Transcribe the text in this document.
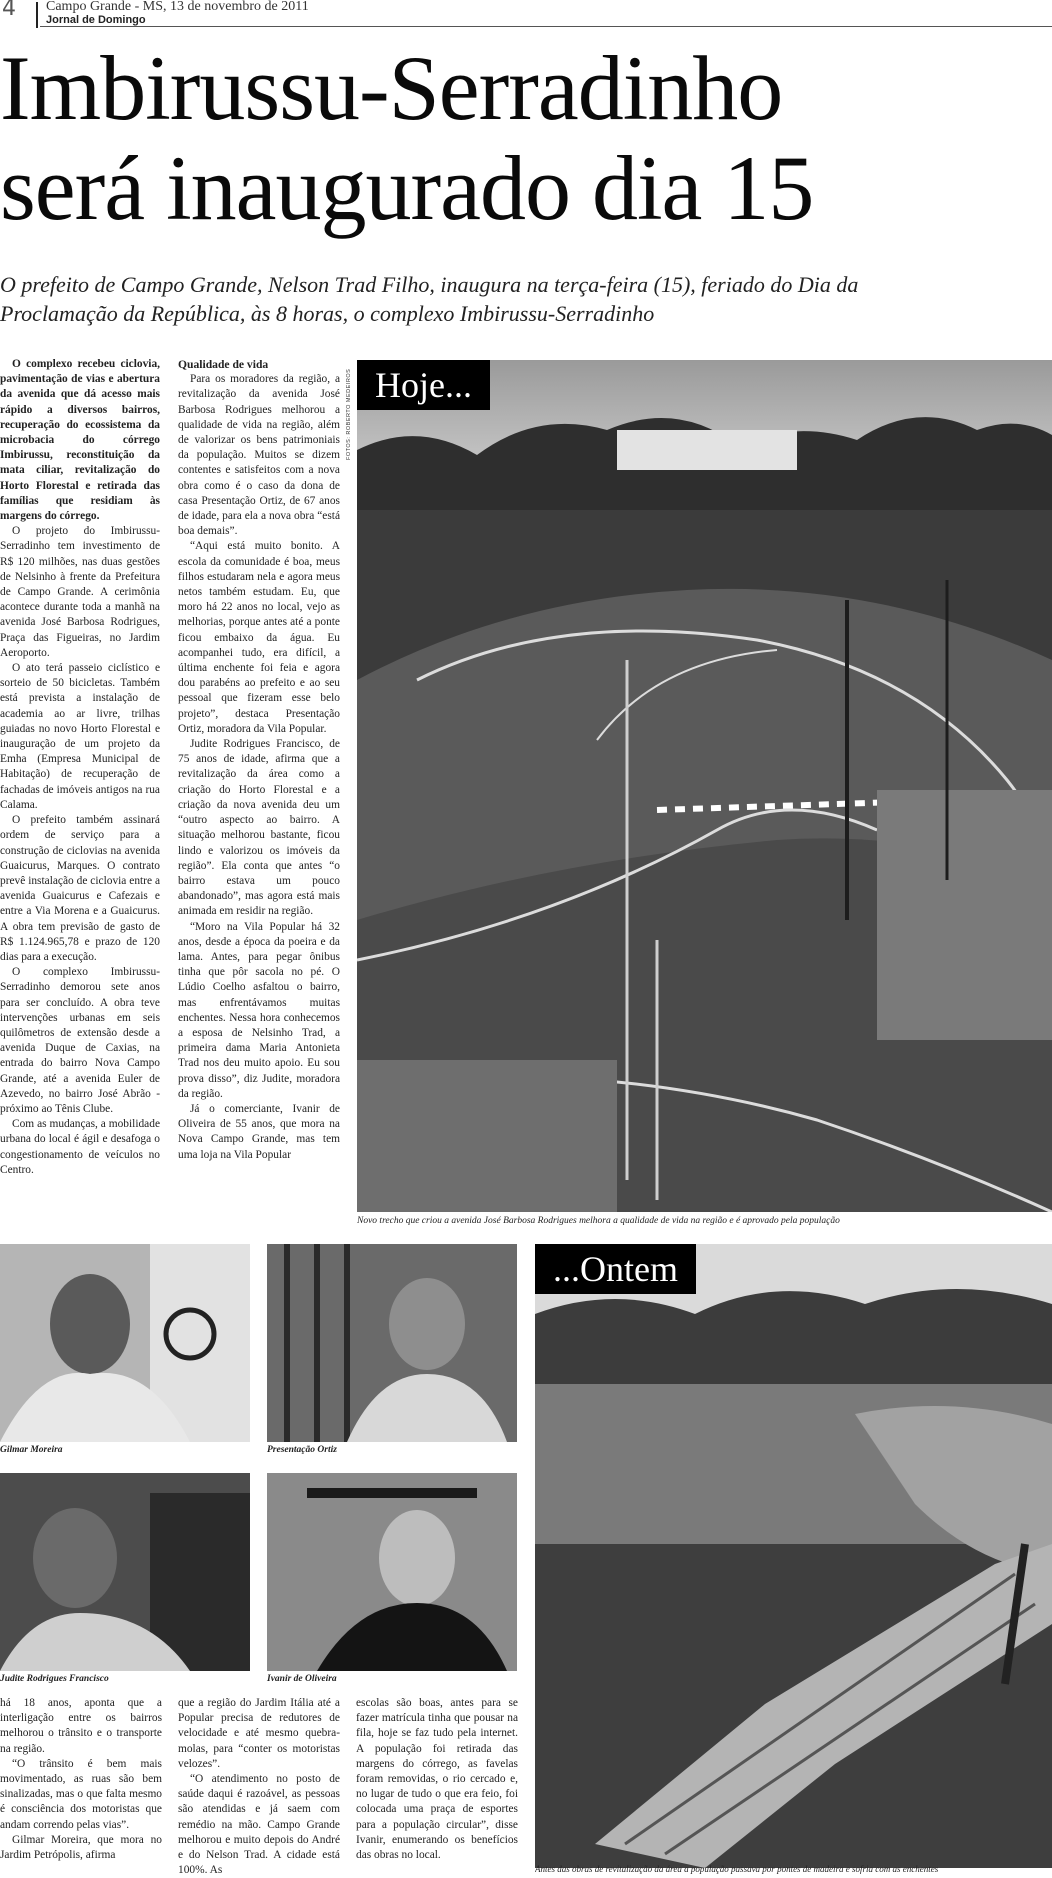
4 Campo Grande - MS, 13 de novembro de 2011
Jornal de Domingo
Imbirussu-Serradinho
será inaugurado dia 15
O prefeito de Campo Grande, Nelson Trad Filho, inaugura na terça-feira (15), feriado do Dia da Proclamação da República, às 8 horas, o complexo Imbirussu-Serradinho

O complexo recebeu ciclovia, pavimentação de vias e abertura da avenida que dá acesso mais rápido a diversos bairros, recuperação do ecossistema da microbacia do córrego Imbirussu, reconstituição da mata ciliar, revitalização do Horto Florestal e retirada das famílias que residiam às margens do córrego.

O projeto do Imbirussu-Serradinho tem investimento de R$ 120 milhões, nas duas gestões de Nelsinho à frente da Prefeitura de Campo Grande. A cerimônia acontece durante toda a manhã na avenida José Barbosa Rodrigues, Praça das Figueiras, no Jardim Aeroporto.

O ato terá passeio ciclístico e sorteio de 50 bicicletas. Também está prevista a instalação de academia ao ar livre, trilhas guiadas no novo Horto Florestal e inauguração de um projeto da Emha (Empresa Municipal de Habitação) de recuperação de fachadas de imóveis antigos na rua Calama.

O prefeito também assinará ordem de serviço para a construção de ciclovias na avenida Guaicurus, Marques. O contrato prevê instalação de ciclovia entre a avenida Guaicurus e Cafezais e entre a Via Morena e a Guaicurus. A obra tem previsão de gasto de R$ 1.124.965,78 e prazo de 120 dias para a execução.

O complexo Imbirussu-Serradinho demorou sete anos para ser concluído. A obra teve intervenções urbanas em seis quilômetros de extensão desde a avenida Duque de Caxias, na entrada do bairro Nova Campo Grande, até a avenida Euler de Azevedo, no bairro José Abrão - próximo ao Tênis Clube.

Com as mudanças, a mobilidade urbana do local é ágil e desafoga o congestionamento de veículos no Centro.

Qualidade de vida

Para os moradores da região, a revitalização da avenida José Barbosa Rodrigues melhorou a qualidade de vida na região, além de valorizar os bens patrimoniais da população. Muitos se dizem contentes e satisfeitos com a nova obra como é o caso da dona de casa Presentação Ortiz, de 67 anos de idade, para ela a nova obra “está boa demais”.

“Aqui está muito bonito. A escola da comunidade é boa, meus filhos estudaram nela e agora meus netos também estudam. Eu, que moro há 22 anos no local, vejo as melhorias, porque antes até a ponte ficou embaixo da água. Eu acompanhei tudo, era difícil, a última enchente foi feia e agora dou parabéns ao prefeito e ao seu pessoal que fizeram esse belo projeto”, destaca Presentação Ortiz, moradora da Vila Popular.

Judite Rodrigues Francisco, de 75 anos de idade, afirma que a revitalização da área como a criação do Horto Florestal e a criação da nova avenida deu um “outro aspecto ao bairro. A situação melhorou bastante, ficou lindo e valorizou os imóveis da região”. Ela conta que antes “o bairro estava um pouco abandonado”, mas agora está mais animada em residir na região.

“Moro na Vila Popular há 32 anos, desde a época da poeira e da lama. Antes, para pegar ônibus tinha que pôr sacola no pé. O Lúdio Coelho asfaltou o bairro, mas enfrentávamos muitas enchentes. Nessa hora conhecemos a esposa de Nelsinho Trad, a primeira dama Maria Antonieta Trad nos deu muito apoio. Eu sou prova disso”, diz Judite, moradora da região.

Já o comerciante, Ivanir de Oliveira de 55 anos, que mora na Nova Campo Grande, mas tem uma loja na Vila Popular

FOTOS: ROBERTO MEDEIROS Hoje...
Novo trecho que criou a avenida José Barbosa Rodrigues melhora a qualidade de vida na região e é aprovado pela população
Gilmar Moreira	Presentação Ortiz
Judite Rodrigues Francisco	Ivanir de Oliveira
...Ontem
Antes das obras de revitalização da área a população passava por pontes de madeira e sofria com as enchentes

há 18 anos, aponta que a interligação entre os bairros melhorou o trânsito e o transporte na região.

“O trânsito é bem mais movimentado, as ruas são bem sinalizadas, mas o que falta mesmo é consciência dos motoristas que andam correndo pelas vias”.

Gilmar Moreira, que mora no Jardim Petrópolis, afirma

que a região do Jardim Itália até a Popular precisa de redutores de velocidade e até mesmo quebra-molas, para “conter os motoristas velozes”.

“O atendimento no posto de saúde daqui é razoável, as pessoas são atendidas e já saem com remédio na mão. Campo Grande melhorou e muito depois do André e do Nelson Trad. A cidade está 100%. As

escolas são boas, antes para se fazer matrícula tinha que pousar na fila, hoje se faz tudo pela internet. A população foi retirada das margens do córrego, as favelas foram removidas, o rio cercado e, no lugar de tudo o que era feio, foi colocada uma praça de esportes para a população circular”, disse Ivanir, enumerando os benefícios das obras no local.
